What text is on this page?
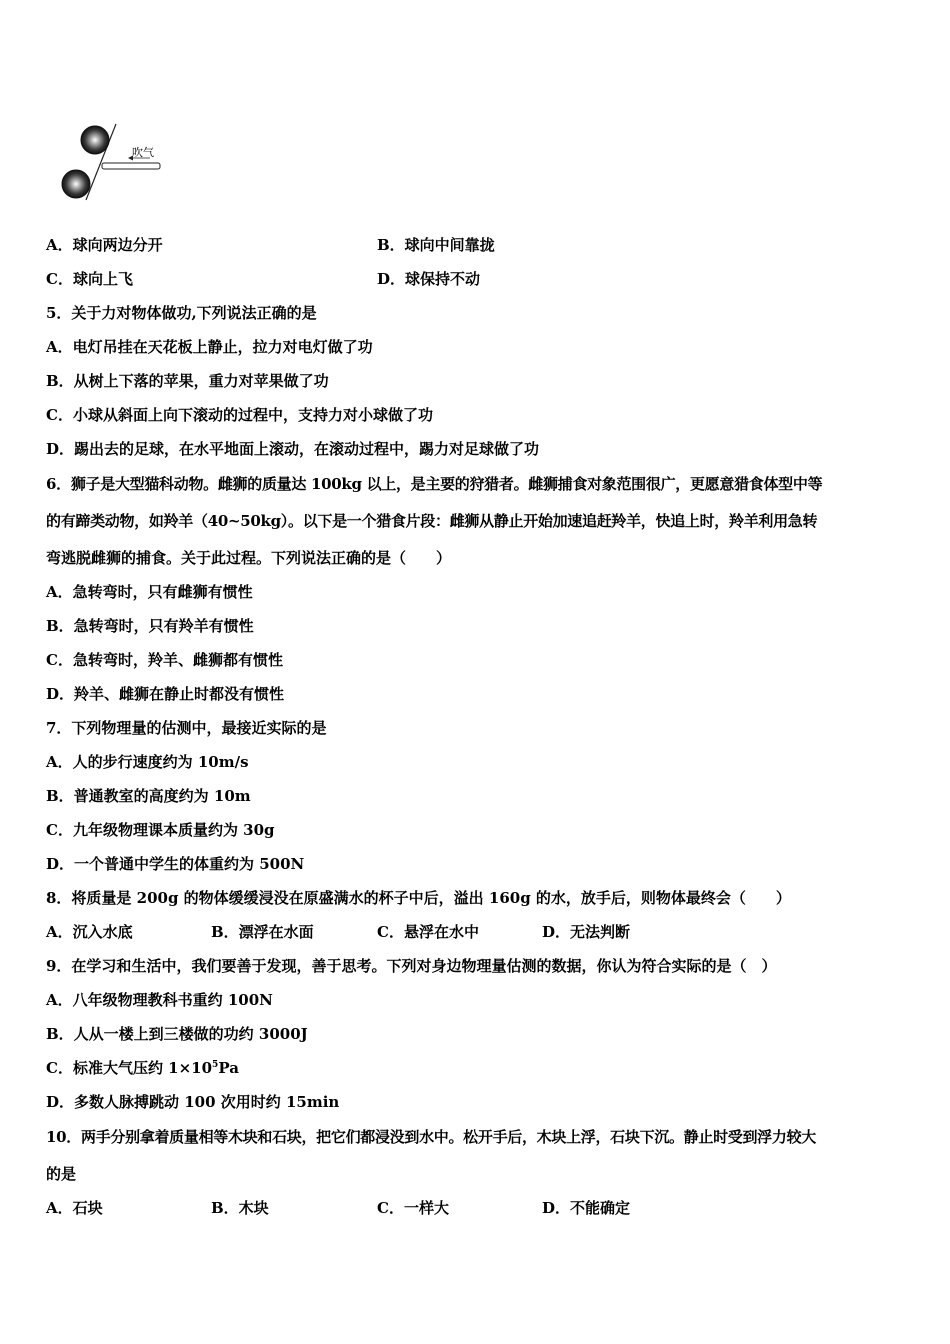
吹气
A．球向两边分开	B．球向中间靠拢
C．球向上飞	D．球保持不动
5．关于力对物体做功,下列说法正确的是
A．电灯吊挂在天花板上静止，拉力对电灯做了功
B．从树上下落的苹果，重力对苹果做了功
C．小球从斜面上向下滚动的过程中，支持力对小球做了功
D．踢出去的足球，在水平地面上滚动，在滚动过程中，踢力对足球做了功
6．狮子是大型猫科动物。雌狮的质量达 100kg 以上，是主要的狩猎者。雌狮捕食对象范围很广，更愿意猎食体型中等
的有蹄类动物，如羚羊（40~50kg）。以下是一个猎食片段：雌狮从静止开始加速追赶羚羊，快追上时，羚羊利用急转
弯逃脱雌狮的捕食。关于此过程。下列说法正确的是（　　）
A．急转弯时，只有雌狮有惯性
B．急转弯时，只有羚羊有惯性
C．急转弯时，羚羊、雌狮都有惯性
D．羚羊、雌狮在静止时都没有惯性
7．下列物理量的估测中，最接近实际的是
A．人的步行速度约为 10m/s
B．普通教室的高度约为 10m
C．九年级物理课本质量约为 30g
D．一个普通中学生的体重约为 500N
8．将质量是 200g 的物体缓缓浸没在原盛满水的杯子中后，溢出 160g 的水，放手后，则物体最终会（　　）
A．沉入水底	B．漂浮在水面	C．悬浮在水中	D．无法判断
9．在学习和生活中，我们要善于发现，善于思考。下列对身边物理量估测的数据，你认为符合实际的是（　）
A．八年级物理教科书重约 100N
B．人从一楼上到三楼做的功约 3000J
C．标准大气压约 $1\times 10^5Pa$
D．多数人脉搏跳动 100 次用时约 15min
10．两手分别拿着质量相等木块和石块，把它们都浸没到水中。松开手后，木块上浮，石块下沉。静止时受到浮力较大
的是
A．石块	B．木块	C．一样大	D．不能确定
